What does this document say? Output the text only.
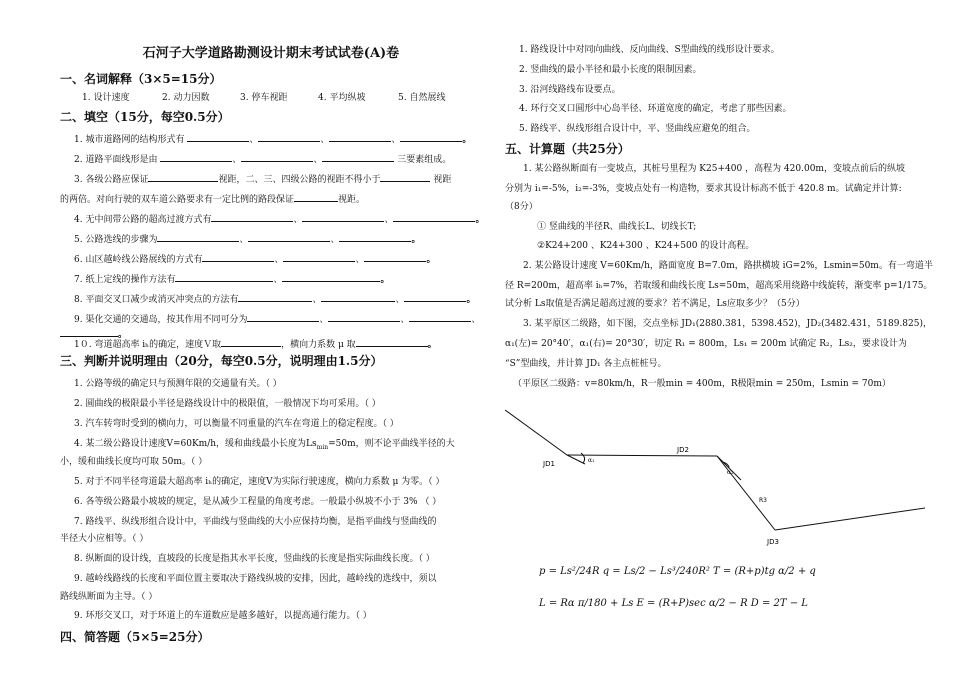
石河子大学道路勘测设计期末考试试卷(A)卷
一、名词解释（3×5=15分）
1. 设计速度	2. 动力因数	3. 停车视距	4. 平均纵坡	5. 自然展线
二、填空（15分，每空0.5分）
1. 城市道路网的结构形式有	、	、	、	。
2. 道路平面线形是由	、	、	三要素组成。
3. 各级公路应保证	视距，二、三、四级公路的视距不得小于	视距
的两倍。对向行驶的双车道公路要求有一定比例的路段保证	视距。
4. 无中间带公路的超高过渡方式有	、	、	。
5. 公路选线的步骤为	、	、	。
6. 山区越岭线公路展线的方式有	、	、	。
7. 纸上定线的操作方法有	、	。
8. 平面交叉口减少或消灭冲突点的方法有	、	、	。
9. 渠化交通的交通岛，按其作用不同可分为	、	、	、
。
1０. 弯道超高率 iₕ的确定，速度Ｖ取	，横向力系数 μ 取	。
三、判断并说明理由（20分，每空0.5分，说明理由1.5分）
1. 公路等级的确定只与预测年限的交通量有关。（ ）
2. 圆曲线的极限最小半径是路线设计中的极限值，一般情况下均可采用。（ ）
3. 汽车转弯时受到的横向力，可以衡量不同重量的汽车在弯道上的稳定程度。（ ）
4. 某二级公路设计速度V=60Km/h，缓和曲线最小长度为$Ls_{min}=50m$，则不论平曲线半径的大
小，缓和曲线长度均可取 50m。（ ）
5. 对于不同半径弯道最大超高率 iₕ的确定，速度V为实际行驶速度，横向力系数 μ 为零。（ ）
6. 各等级公路最小坡坡的规定，是从减少工程量的角度考虑。一般最小纵坡不小于 3% （ ）
7. 路线平、纵线形组合设计中，平曲线与竖曲线的大小应保持均衡，是指平曲线与竖曲线的
半径大小应相等。（ ）
8. 纵断面的设计线，直坡段的长度是指其水平长度，竖曲线的长度是指实际曲线长度。（ ）
9. 越岭线路线的长度和平面位置主要取决于路线纵坡的安排，因此，越岭线的选线中，须以
路线纵断面为主导。（ ）
9. 环形交叉口，对于环道上的车道数应是越多越好，以提高通行能力。（ ）
四、简答题（5×5=25分）
1. 路线设计中对同向曲线、反向曲线、S型曲线的线形设计要求。
2. 竖曲线的最小半径和最小长度的限制因素。
3. 沿河线路线布设要点。
4. 环行交叉口圆形中心岛半径、环道宽度的确定，考虑了那些因素。
5. 路线平、纵线形组合设计中，平、竖曲线应避免的组合。
五、计算题（共25分）
1. 某公路纵断面有一变坡点，其桩号里程为 K25+400 ，高程为 420.00m，变坡点前后的纵坡
分别为 i₁=-5%，i₂=-3%，变坡点处有一构造物，要求其设计标高不低于 420.8 m。试确定并计算:
（8分）
① 竖曲线的半径R、曲线长L、切线长T;
②K24+200 、K24+300 、K24+500 的设计高程。
2. 某公路设计速度 V=60Km/h，路面宽度 B=7.0m，路拱横坡 iG=2%，Lsmin=50m。有一弯道半
径 R=200m，超高率 iₕ=7%，若取缓和曲线长度 Ls=50m，超高采用绕路中线旋转，渐变率 p=1/175。
试分析 Ls取值是否满足超高过渡的要求？若不满足，Ls应取多少？（5分）
3. 某平原区二级路，如下图，交点坐标 JD₁(2880.381，5398.452)，JD₂(3482.431，5189.825)，
α₁(左)= 20°40′，α₁(右)= 20°30′，切定 R₁ = 800m，Ls₁ = 200m 试确定 R₂，Ls₂，要求设计为
“S”型曲线，并计算 JD₁ 各主点桩桩号。
（平原区二级路：v=80km/h，R一般min = 400m，R极限min = 250m，Lsmin = 70m）
JD1
JD2
JD3
α₁
α₂
R3
p = Ls²/24R q = Ls/2 − Ls³/240R² T = (R+p)tg α/2 + q
L = Rα π/180 + Ls E = (R+P)sec α/2 − R D = 2T − L
